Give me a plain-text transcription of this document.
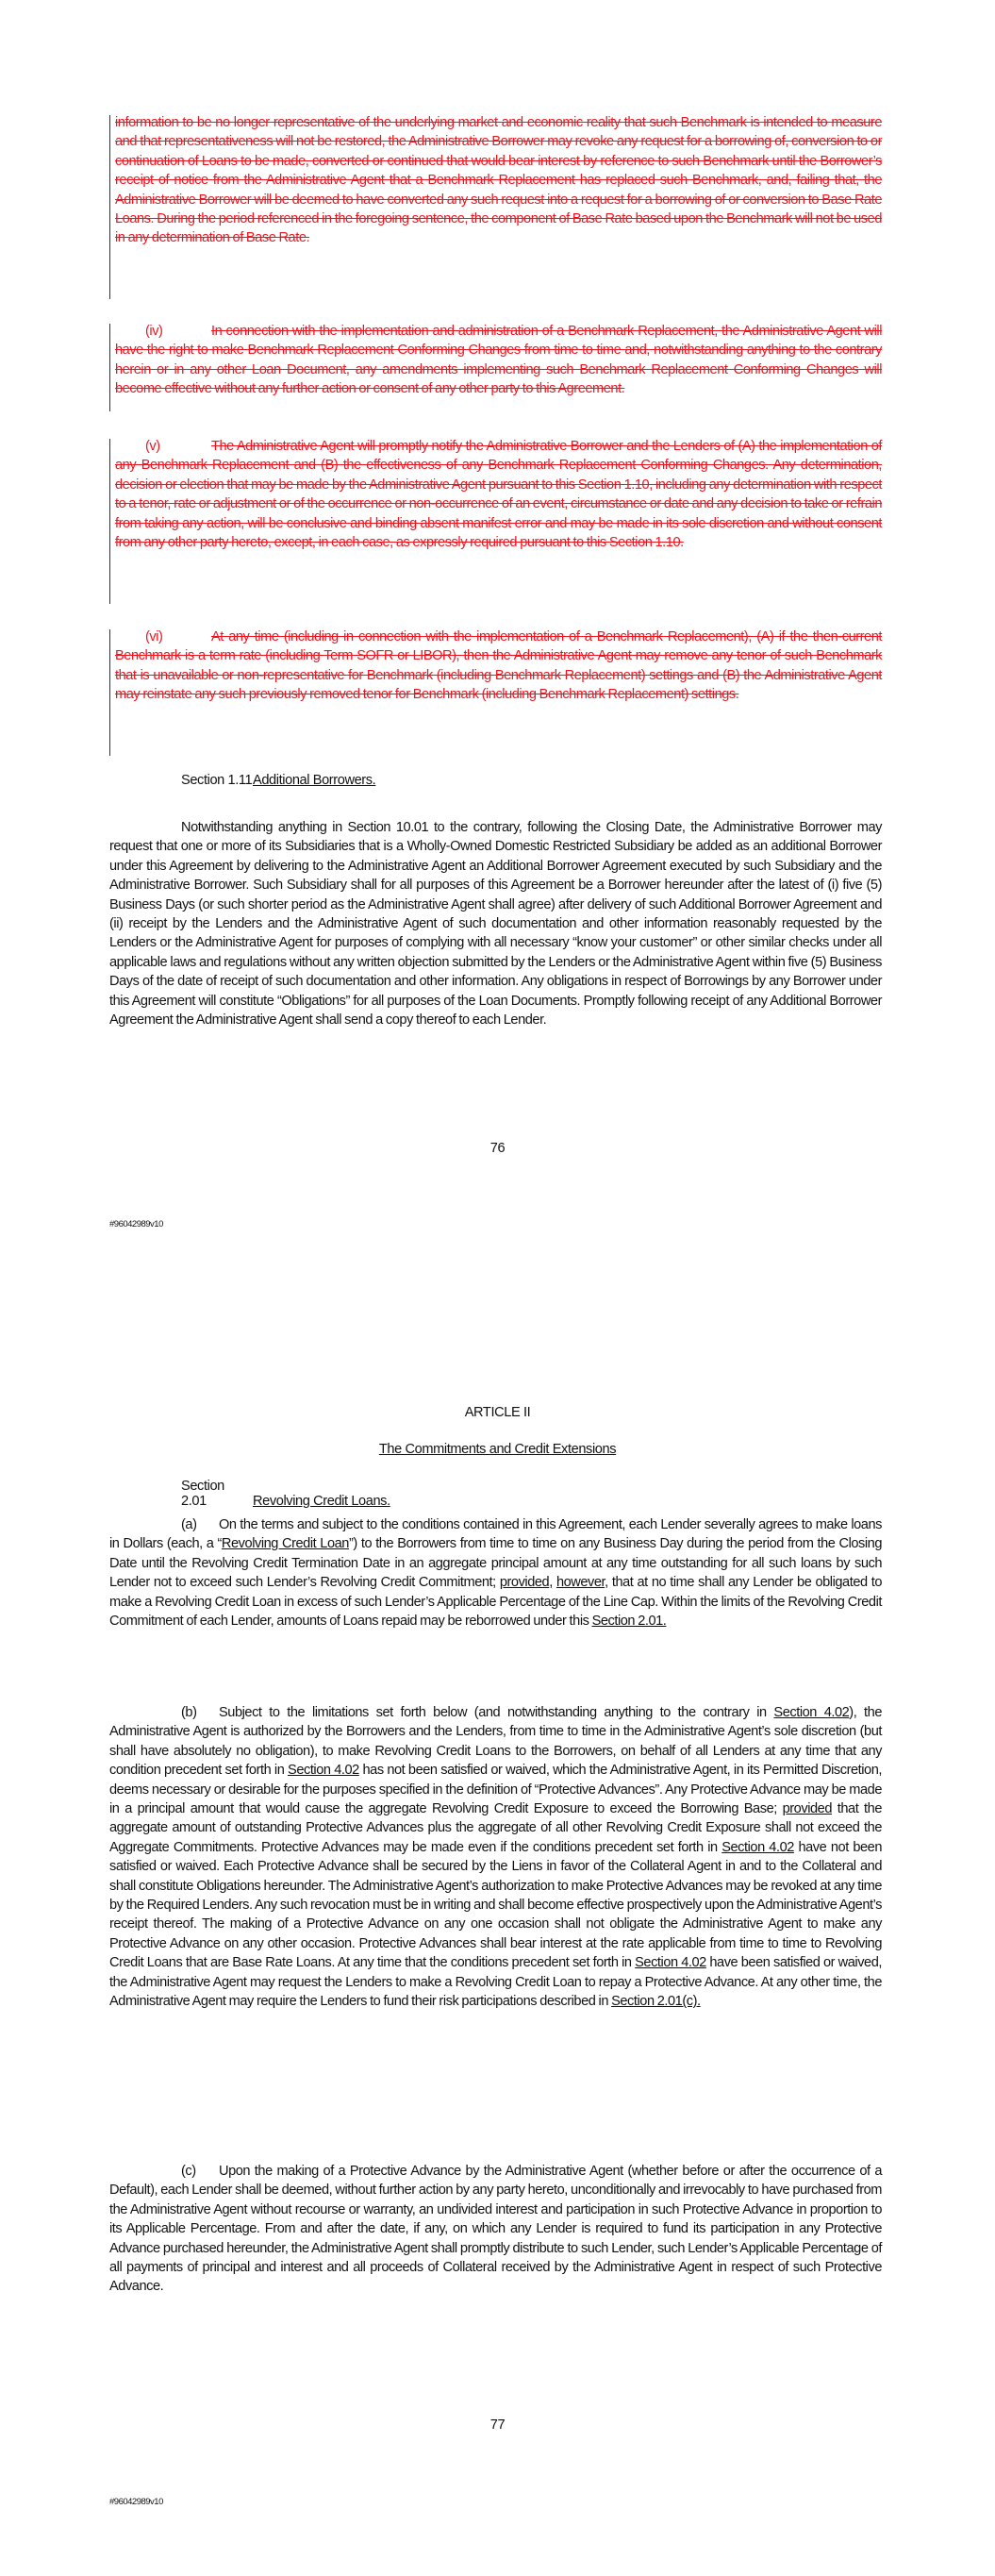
information to be no longer representative of the underlying market and economic reality that such Benchmark is intended to measure and that representativeness will not be restored, the Administrative Borrower may revoke any request for a borrowing of, conversion to or continuation of Loans to be made, converted or continued that would bear interest by reference to such Benchmark until the Borrower’s receipt of notice from the Administrative Agent that a Benchmark Replacement has replaced such Benchmark, and, failing that, the Administrative Borrower will be deemed to have converted any such request into a request for a borrowing of or conversion to Base Rate Loans. During the period referenced in the foregoing sentence, the component of Base Rate based upon the Benchmark will not be used in any determination of Base Rate.
(iv)	In connection with the implementation and administration of a Benchmark Replacement, the Administrative Agent will have the right to make Benchmark Replacement Conforming Changes from time to time and, notwithstanding anything to the contrary herein or in any other Loan Document, any amendments implementing such Benchmark Replacement Conforming Changes will become effective without any further action or consent of any other party to this Agreement.
(v)	The Administrative Agent will promptly notify the Administrative Borrower and the Lenders of (A) the implementation of any Benchmark Replacement and (B) the effectiveness of any Benchmark Replacement Conforming Changes. Any determination, decision or election that may be made by the Administrative Agent pursuant to this Section 1.10, including any determination with respect to a tenor, rate or adjustment or of the occurrence or non-occurrence of an event, circumstance or date and any decision to take or refrain from taking any action, will be conclusive and binding absent manifest error and may be made in its sole discretion and without consent from any other party hereto, except, in each case, as expressly required pursuant to this Section 1.10.
(vi)	At any time (including in connection with the implementation of a Benchmark Replacement), (A) if the then-current Benchmark is a term rate (including Term SOFR or LIBOR), then the Administrative Agent may remove any tenor of such Benchmark that is unavailable or non-representative for Benchmark (including Benchmark Replacement) settings and (B) the Administrative Agent may reinstate any such previously removed tenor for Benchmark (including Benchmark Replacement) settings.
Section 1.11Additional Borrowers.
Notwithstanding anything in Section 10.01 to the contrary, following the Closing Date, the Administrative Borrower may request that one or more of its Subsidiaries that is a Wholly-Owned Domestic Restricted Subsidiary be added as an additional Borrower under this Agreement by delivering to the Administrative Agent an Additional Borrower Agreement executed by such Subsidiary and the Administrative Borrower. Such Subsidiary shall for all purposes of this Agreement be a Borrower hereunder after the latest of (i) five (5) Business Days (or such shorter period as the Administrative Agent shall agree) after delivery of such Additional Borrower Agreement and (ii) receipt by the Lenders and the Administrative Agent of such documentation and other information reasonably requested by the Lenders or the Administrative Agent for purposes of complying with all necessary “know your customer” or other similar checks under all applicable laws and regulations without any written objection submitted by the Lenders or the Administrative Agent within five (5) Business Days of the date of receipt of such documentation and other information. Any obligations in respect of Borrowings by any Borrower under this Agreement will constitute “Obligations” for all purposes of the Loan Documents. Promptly following receipt of any Additional Borrower Agreement the Administrative Agent shall send a copy thereof to each Lender.
76
#96042989v10
ARTICLE II
The Commitments and Credit Extensions
Section 2.01	Revolving Credit Loans.
(a) On the terms and subject to the conditions contained in this Agreement, each Lender severally agrees to make loans in Dollars (each, a “Revolving Credit Loan”) to the Borrowers from time to time on any Business Day during the period from the Closing Date until the Revolving Credit Termination Date in an aggregate principal amount at any time outstanding for all such loans by such Lender not to exceed such Lender’s Revolving Credit Commitment; provided, however, that at no time shall any Lender be obligated to make a Revolving Credit Loan in excess of such Lender’s Applicable Percentage of the Line Cap. Within the limits of the Revolving Credit Commitment of each Lender, amounts of Loans repaid may be reborrowed under this Section 2.01.
(b) Subject to the limitations set forth below (and notwithstanding anything to the contrary in Section 4.02), the Administrative Agent is authorized by the Borrowers and the Lenders, from time to time in the Administrative Agent’s sole discretion (but shall have absolutely no obligation), to make Revolving Credit Loans to the Borrowers, on behalf of all Lenders at any time that any condition precedent set forth in Section 4.02 has not been satisfied or waived, which the Administrative Agent, in its Permitted Discretion, deems necessary or desirable for the purposes specified in the definition of “Protective Advances”. Any Protective Advance may be made in a principal amount that would cause the aggregate Revolving Credit Exposure to exceed the Borrowing Base; provided that the aggregate amount of outstanding Protective Advances plus the aggregate of all other Revolving Credit Exposure shall not exceed the Aggregate Commitments. Protective Advances may be made even if the conditions precedent set forth in Section 4.02 have not been satisfied or waived. Each Protective Advance shall be secured by the Liens in favor of the Collateral Agent in and to the Collateral and shall constitute Obligations hereunder. The Administrative Agent’s authorization to make Protective Advances may be revoked at any time by the Required Lenders. Any such revocation must be in writing and shall become effective prospectively upon the Administrative Agent’s receipt thereof. The making of a Protective Advance on any one occasion shall not obligate the Administrative Agent to make any Protective Advance on any other occasion. Protective Advances shall bear interest at the rate applicable from time to time to Revolving Credit Loans that are Base Rate Loans. At any time that the conditions precedent set forth in Section 4.02 have been satisfied or waived, the Administrative Agent may request the Lenders to make a Revolving Credit Loan to repay a Protective Advance. At any other time, the Administrative Agent may require the Lenders to fund their risk participations described in Section 2.01(c).
(c) Upon the making of a Protective Advance by the Administrative Agent (whether before or after the occurrence of a Default), each Lender shall be deemed, without further action by any party hereto, unconditionally and irrevocably to have purchased from the Administrative Agent without recourse or warranty, an undivided interest and participation in such Protective Advance in proportion to its Applicable Percentage. From and after the date, if any, on which any Lender is required to fund its participation in any Protective Advance purchased hereunder, the Administrative Agent shall promptly distribute to such Lender, such Lender’s Applicable Percentage of all payments of principal and interest and all proceeds of Collateral received by the Administrative Agent in respect of such Protective Advance.
77
#96042989v10
